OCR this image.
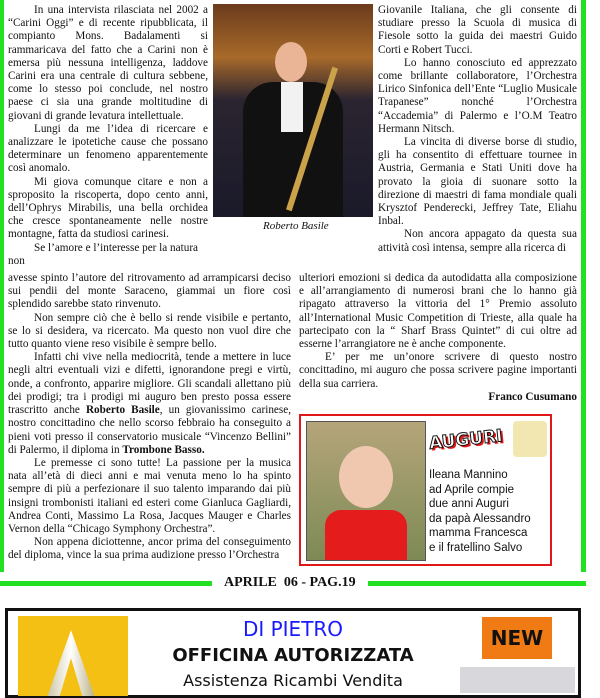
In una intervista rilasciata nel 2002 a “Carini Oggi” e di recente ripubblicata, il compianto Mons. Badalamenti si rammaricava del fatto che a Carini non è emersa più nessuna intelligenza, laddove Carini era una centrale di cultura sebbene, come lo stesso poi conclude, nel nostro paese ci sia una grande moltitudine di giovani di grande levatura intellettuale.

Lungi da me l’idea di ricercare e analizzare le ipotetiche cause che possano determinare un fenomeno apparentemente così anomalo.

Mi giova comunque citare e non a sproposito la riscoperta, dopo cento anni, dell’Ophrys Mirabilis, una bella orchidea che cresce spontaneamente nelle nostre montagne, fatta da studiosi carinesi.

Se l’amore e l’interesse per la natura non

Roberto Basile

Giovanile Italiana, che gli consente di studiare presso la Scuola di musica di Fiesole sotto la guida dei maestri Guido Corti e Robert Tucci.

Lo hanno conosciuto ed apprezzato come brillante collaboratore, l’Orchestra Lirico Sinfonica dell’Ente “Luglio Musicale Trapanese” nonché l’Orchestra “Accademia” di Palermo e l’O.M Teatro Hermann Nitsch.

La vincita di diverse borse di studio, gli ha consentito di effettuare tournee in Austria, Germania e Stati Uniti dove ha provato la gioia di suonare sotto la direzione di maestri di fama mondiale quali Krysztof Penderecki, Jeffrey Tate, Eliahu Inbal.

Non ancora appagato da questa sua attività così intensa, sempre alla ricerca di

avesse spinto l’autore del ritrovamento ad arrampicarsi deciso sui pendii del monte Saraceno, giammai un fiore così splendido sarebbe stato rinvenuto.

Non sempre ciò che è bello si rende visibile e pertanto, se lo si desidera, va ricercato. Ma questo non vuol dire che tutto quanto viene reso visibile è sempre bello.

Infatti chi vive nella mediocrità, tende a mettere in luce negli altri eventuali vizi e difetti, ignorandone pregi e virtù, onde, a confronto, apparire migliore. Gli scandali allettano più dei prodigi; tra i prodigi mi auguro ben presto possa essere trascritto anche Roberto Basile, un giovanissimo carinese, nostro concittadino che nello scorso febbraio ha conseguito a pieni voti presso il conservatorio musicale “Vincenzo Bellini” di Palermo, il diploma in Trombone Basso.

Le premesse ci sono tutte! La passione per la musica nata all’età di dieci anni e mai venuta meno lo ha spinto sempre di più a perfezionare il suo talento imparando dai più insigni trombonisti italiani ed esteri come Gianluca Gagliardi, Andrea Conti, Massimo La Rosa, Jacques Mauger e Charles Vernon della “Chicago Symphony Orchestra”.

Non appena diciottenne, ancor prima del conseguimento del diploma, vince la sua prima audizione presso l’Orchestra

ulteriori emozioni si dedica da autodidatta alla composizione e all’arrangiamento di numerosi brani che lo hanno già ripagato attraverso la vittoria del 1° Premio assoluto all’International Music Competition di Trieste, alla quale ha partecipato con la “ Sharf Brass Quintet” di cui oltre ad esserne l’arrangiatore ne è anche componente.

E’ per me un’onore scrivere di questo nostro concittadino, mi auguro che possa scrivere pagine importanti della sua carriera.

Franco Cusumano
AUGURI
Ileana Mannino
ad Aprile compie
due anni Auguri
da papà Alessandro
mamma Francesca
e il fratellino Salvo
APRILE  06 - PAG.19
DI PIETRO
OFFICINA AUTORIZZATA
Assistenza Ricambi Vendita
NEW
